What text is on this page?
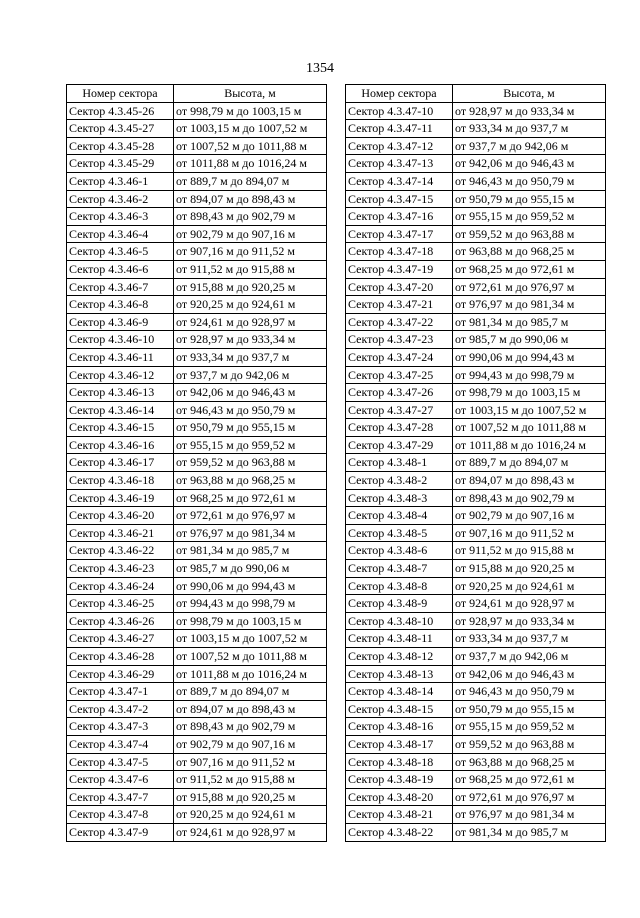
1354
Номер сектора	Высота, м
Сектор 4.3.45-26	от 998,79 м до 1003,15 м
Сектор 4.3.45-27	от 1003,15 м до 1007,52 м
Сектор 4.3.45-28	от 1007,52 м до 1011,88 м
Сектор 4.3.45-29	от 1011,88 м до 1016,24 м
Сектор 4.3.46-1	от 889,7 м до 894,07 м
Сектор 4.3.46-2	от 894,07 м до 898,43 м
Сектор 4.3.46-3	от 898,43 м до 902,79 м
Сектор 4.3.46-4	от 902,79 м до 907,16 м
Сектор 4.3.46-5	от 907,16 м до 911,52 м
Сектор 4.3.46-6	от 911,52 м до 915,88 м
Сектор 4.3.46-7	от 915,88 м до 920,25 м
Сектор 4.3.46-8	от 920,25 м до 924,61 м
Сектор 4.3.46-9	от 924,61 м до 928,97 м
Сектор 4.3.46-10	от 928,97 м до 933,34 м
Сектор 4.3.46-11	от 933,34 м до 937,7 м
Сектор 4.3.46-12	от 937,7 м до 942,06 м
Сектор 4.3.46-13	от 942,06 м до 946,43 м
Сектор 4.3.46-14	от 946,43 м до 950,79 м
Сектор 4.3.46-15	от 950,79 м до 955,15 м
Сектор 4.3.46-16	от 955,15 м до 959,52 м
Сектор 4.3.46-17	от 959,52 м до 963,88 м
Сектор 4.3.46-18	от 963,88 м до 968,25 м
Сектор 4.3.46-19	от 968,25 м до 972,61 м
Сектор 4.3.46-20	от 972,61 м до 976,97 м
Сектор 4.3.46-21	от 976,97 м до 981,34 м
Сектор 4.3.46-22	от 981,34 м до 985,7 м
Сектор 4.3.46-23	от 985,7 м до 990,06 м
Сектор 4.3.46-24	от 990,06 м до 994,43 м
Сектор 4.3.46-25	от 994,43 м до 998,79 м
Сектор 4.3.46-26	от 998,79 м до 1003,15 м
Сектор 4.3.46-27	от 1003,15 м до 1007,52 м
Сектор 4.3.46-28	от 1007,52 м до 1011,88 м
Сектор 4.3.46-29	от 1011,88 м до 1016,24 м
Сектор 4.3.47-1	от 889,7 м до 894,07 м
Сектор 4.3.47-2	от 894,07 м до 898,43 м
Сектор 4.3.47-3	от 898,43 м до 902,79 м
Сектор 4.3.47-4	от 902,79 м до 907,16 м
Сектор 4.3.47-5	от 907,16 м до 911,52 м
Сектор 4.3.47-6	от 911,52 м до 915,88 м
Сектор 4.3.47-7	от 915,88 м до 920,25 м
Сектор 4.3.47-8	от 920,25 м до 924,61 м
Сектор 4.3.47-9	от 924,61 м до 928,97 м
Номер сектора	Высота, м
Сектор 4.3.47-10	от 928,97 м до 933,34 м
Сектор 4.3.47-11	от 933,34 м до 937,7 м
Сектор 4.3.47-12	от 937,7 м до 942,06 м
Сектор 4.3.47-13	от 942,06 м до 946,43 м
Сектор 4.3.47-14	от 946,43 м до 950,79 м
Сектор 4.3.47-15	от 950,79 м до 955,15 м
Сектор 4.3.47-16	от 955,15 м до 959,52 м
Сектор 4.3.47-17	от 959,52 м до 963,88 м
Сектор 4.3.47-18	от 963,88 м до 968,25 м
Сектор 4.3.47-19	от 968,25 м до 972,61 м
Сектор 4.3.47-20	от 972,61 м до 976,97 м
Сектор 4.3.47-21	от 976,97 м до 981,34 м
Сектор 4.3.47-22	от 981,34 м до 985,7 м
Сектор 4.3.47-23	от 985,7 м до 990,06 м
Сектор 4.3.47-24	от 990,06 м до 994,43 м
Сектор 4.3.47-25	от 994,43 м до 998,79 м
Сектор 4.3.47-26	от 998,79 м до 1003,15 м
Сектор 4.3.47-27	от 1003,15 м до 1007,52 м
Сектор 4.3.47-28	от 1007,52 м до 1011,88 м
Сектор 4.3.47-29	от 1011,88 м до 1016,24 м
Сектор 4.3.48-1	от 889,7 м до 894,07 м
Сектор 4.3.48-2	от 894,07 м до 898,43 м
Сектор 4.3.48-3	от 898,43 м до 902,79 м
Сектор 4.3.48-4	от 902,79 м до 907,16 м
Сектор 4.3.48-5	от 907,16 м до 911,52 м
Сектор 4.3.48-6	от 911,52 м до 915,88 м
Сектор 4.3.48-7	от 915,88 м до 920,25 м
Сектор 4.3.48-8	от 920,25 м до 924,61 м
Сектор 4.3.48-9	от 924,61 м до 928,97 м
Сектор 4.3.48-10	от 928,97 м до 933,34 м
Сектор 4.3.48-11	от 933,34 м до 937,7 м
Сектор 4.3.48-12	от 937,7 м до 942,06 м
Сектор 4.3.48-13	от 942,06 м до 946,43 м
Сектор 4.3.48-14	от 946,43 м до 950,79 м
Сектор 4.3.48-15	от 950,79 м до 955,15 м
Сектор 4.3.48-16	от 955,15 м до 959,52 м
Сектор 4.3.48-17	от 959,52 м до 963,88 м
Сектор 4.3.48-18	от 963,88 м до 968,25 м
Сектор 4.3.48-19	от 968,25 м до 972,61 м
Сектор 4.3.48-20	от 972,61 м до 976,97 м
Сектор 4.3.48-21	от 976,97 м до 981,34 м
Сектор 4.3.48-22	от 981,34 м до 985,7 м
